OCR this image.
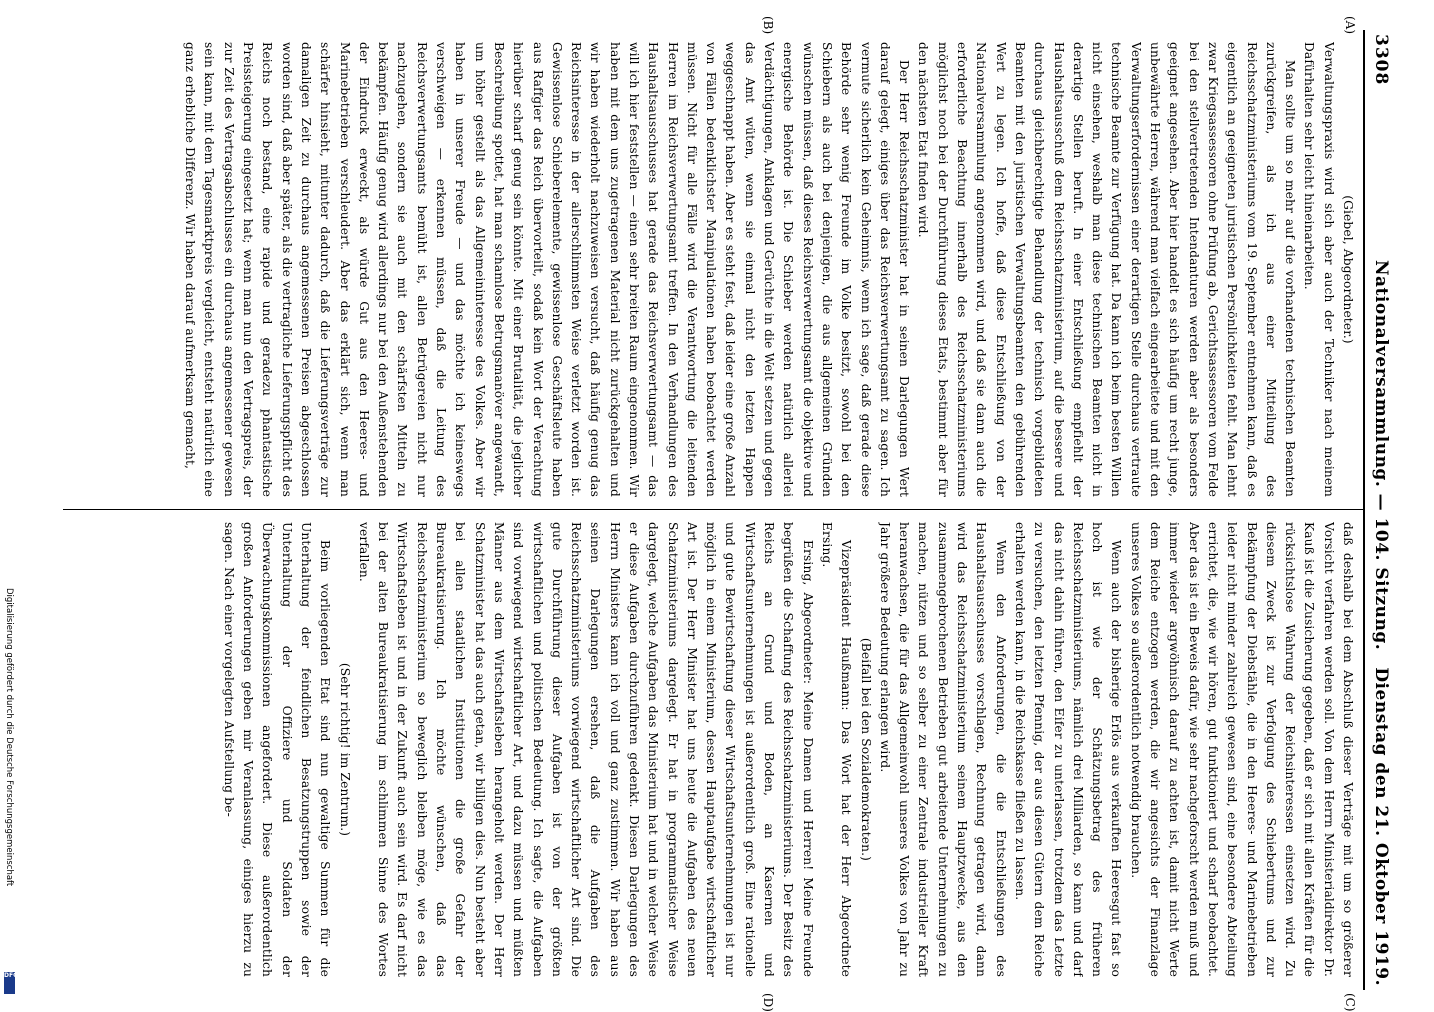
Digitalisierung gefördert durch die Deutsche Forschungsgemeinschaft
DFG
3308
Nationalversammlung. — 104. Sitzung.
Dienstag den 21. Oktober 1919.
(A)
(B)
(C)
(D)

(Giebel, Abgeordneter.)

Verwaltungspraxis wird sich aber auch der Techniker nach meinem Dafürhalten sehr leicht hineinarbeiten.

Man sollte um so mehr auf die vorhandenen technischen Beamten zurückgreifen, als ich aus einer Mitteilung des Reichsschatzministeriums vom 19. September entnehmen kann, daß es eigentlich an geeigneten juristischen Persönlichkeiten fehlt. Man lehnt zwar Kriegsassessoren ohne Prüfung ab, Gerichtsassessoren vom Felde bei den stellvertretenden Intendanturen werden aber als besonders geeignet angesehen. Aber hier handelt es sich häufig um recht junge, unbewährte Herren, während man vielfach eingearbeitete und mit den Verwaltungserfordernissen einer derartigen Stelle durchaus vertraute technische Beamte zur Verfügung hat. Da kann ich beim besten Willen nicht einsehen, weshalb man diese technischen Beamten nicht in derartige Stellen beruft. In einer Entschließung empfiehlt der Haushaltsausschuß dem Reichsschatzministerium, auf die bessere und durchaus gleichberechtigte Behandlung der technisch vorgebildeten Beamten mit den juristischen Verwaltungsbeamten den gebührenden Wert zu legen. Ich hoffe, daß diese Entschließung von der Nationalversammlung angenommen wird, und daß sie dann auch die erforderliche Beachtung innerhalb des Reichsschatzministeriums möglichst noch bei der Durchführung dieses Etats, bestimmt aber für den nächsten Etat finden wird.

Der Herr Reichsschatzminister hat in seinen Darlegungen Wert darauf gelegt, einiges über das Reichsverwertungsamt zu sagen. Ich vermute sicherlich kein Geheimnis, wenn ich sage, daß gerade diese Behörde sehr wenig Freunde im Volke besitzt, sowohl bei den Schiebern als auch bei denjenigen, die aus allgemeinen Gründen wünschen müssen, daß dieses Reichsverwertungsamt die objektive und energische Behörde ist. Die Schieber werden natürlich allerlei Verdächtigungen, Anklagen und Gerüchte in die Welt setzen und gegen das Amt wüten, wenn sie einmal nicht den letzten Happen weggeschnappt haben. Aber es steht fest, daß leider eine große Anzahl von Fällen bedenklichster Manipulationen haben beobachtet werden müssen. Nicht für alle Fälle wird die Verantwortung die leitenden Herren im Reichsverwertungsamt treffen. In den Verhandlungen des Haushaltsausschusses hat gerade das Reichsverwertungsamt — das will ich hier feststellen — einen sehr breiten Raum eingenommen. Wir haben mit dem uns zugetragenen Material nicht zurückgehalten und wir haben wiederholt nachzuweisen versucht, daß häufig genug das Reichsinteresse in der allerschlimmsten Weise verletzt worden ist. Gewissenlose Schieberelemente, gewissenlose Geschäftsleute haben aus Raffgier das Reich übervorteilt, sodaß kein Wort der Verachtung hierüber scharf genug sein könnte. Mit einer Brutalität, die jeglicher Beschreibung spottet, hat man schamlose Betrugsmanöver angewandt, um höher gestellt als das Allgemeininteresse des Volkes. Aber wir haben in unserer Freude — und das möchte ich keineswegs verschweigen — erkennen müssen, daß die Leitung des Reichsverwertungsamts bemüht ist, allen Betrügereien nicht nur nachzugehen, sondern sie auch mit den schärfsten Mitteln zu bekämpfen. Häufig genug wird allerdings nur bei den Außenstehenden der Eindruck erweckt, als würde Gut aus den Heeres- und Marinebetrieben verschleudert. Aber das erklärt sich, wenn man schärfer hinsieht, mitunter dadurch, daß die Lieferungsverträge zur damaligen Zeit zu durchaus angemessenen Preisen abgeschlossen worden sind, daß aber später, als die vertragliche Lieferungspflicht des Reichs noch bestand, eine rapide und geradezu phantastische Preissteigerung eingesetzt hat; wenn man nun den Vertragspreis, der zur Zeit des Vertragsabschlusses ein durchaus angemessener gewesen sein kann, mit dem Tagesmarktpreis vergleicht, entsteht natürlich eine ganz erhebliche Differenz. Wir haben darauf aufmerksam gemacht,

daß deshalb bei dem Abschluß dieser Verträge mit um so größerer Vorsicht verfahren werden soll. Von dem Herrn Ministerialdirektor Dr. Kauß ist die Zusicherung gegeben, daß er sich mit allen Kräften für die rücksichtslose Wahrung der Reichsinteressen einsetzen wird. Zu diesem Zweck ist zur Verfolgung des Schiebertums und zur Bekämpfung der Diebstähle, die in den Heeres- und Marinebetrieben leider nicht minder zahlreich gewesen sind, eine besondere Abteilung errichtet, die, wie wir hören, gut funktioniert und scharf beobachtet. Aber das ist ein Beweis dafür, wie sehr nachgeforscht werden muß und immer wieder argwöhnisch darauf zu achten ist, damit nicht Werte dem Reiche entzogen werden, die wir angesichts der Finanzlage unseres Volkes so außerordentlich notwendig brauchen.

Wenn auch der bisherige Erlös aus verkauften Heeresgut fast so hoch ist wie der Schätzungsbetrag des früheren Reichsschatzministeriums, nämlich drei Milliarden, so kann und darf das nicht dahin führen, den Eifer zu unterlassen, trotzdem das Letzte zu versuchen, den letzten Pfennig, der aus diesen Gütern dem Reiche erhalten werden kann, in die Reichskasse fließen zu lassen.

Wenn den Anforderungen, die die Entschließungen des Haushaltsausschusses vorschlagen, Rechnung getragen wird, dann wird das Reichsschatzministerium seinem Hauptzwecke, aus den zusammengebrochenen Betrieben gut arbeitende Unternehmungen zu machen, nützen und so selber zu einer Zentrale industrieller Kraft heranwachsen, die für das Allgemeinwohl unseres Volkes von Jahr zu Jahr größere Bedeutung erlangen wird.

(Beifall bei den Sozialdemokraten.)

Vizepräsident Haußmann: Das Wort hat der Herr Abgeordnete Ersing.

Ersing, Abgeordneter: Meine Damen und Herren! Meine Freunde begrüßen die Schaffung des Reichsschatzministeriums. Der Besitz des Reichs an Grund und Boden, an Kasernen und Wirtschaftsunternehmungen ist außerordentlich groß. Eine rationelle und gute Bewirtschaftung dieser Wirtschaftsunternehmungen ist nur möglich in einem Ministerium, dessen Hauptaufgabe wirtschaftlicher Art ist. Der Herr Minister hat uns heute die Aufgaben des neuen Schatzministeriums dargelegt. Er hat in programmatischer Weise dargelegt, welche Aufgaben das Ministerium hat und in welcher Weise er diese Aufgaben durchzuführen gedenkt. Diesen Darlegungen des Herrn Ministers kann ich voll und ganz zustimmen. Wir haben aus seinen Darlegungen ersehen, daß die Aufgaben des Reichsschatzministeriums vorwiegend wirtschaftlicher Art sind. Die gute Durchführung dieser Aufgaben ist von der größten wirtschaftlichen und politischen Bedeutung. Ich sagte, die Aufgaben sind vorwiegend wirtschaftlicher Art, und dazu müssen und müßten Männer aus dem Wirtschaftsleben herangeholt werden. Der Herr Schatzminister hat das auch getan, wir billigen dies. Nun besteht aber bei allen staatlichen Institutionen die große Gefahr der Bureaukratisierung. Ich möchte wünschen, daß das Reichsschatzministerium so beweglich bleiben möge, wie es das Wirtschaftsleben ist und in der Zukunft auch sein wird. Es darf nicht bei der alten Bureaukratisierung im schlimmen Sinne des Wortes verfallen.

(Sehr richtig! im Zentrum.)

Beim vorliegenden Etat sind nun gewaltige Summen für die Unterhaltung der feindlichen Besatzungstruppen sowie der Unterhaltung der Offiziere und Soldaten der Überwachungskommissionen angefordert. Diese außerordentlich großen Anforderungen geben mir Veranlassung, einiges hierzu zu sagen. Nach einer vorgelegten Aufstellung be-
